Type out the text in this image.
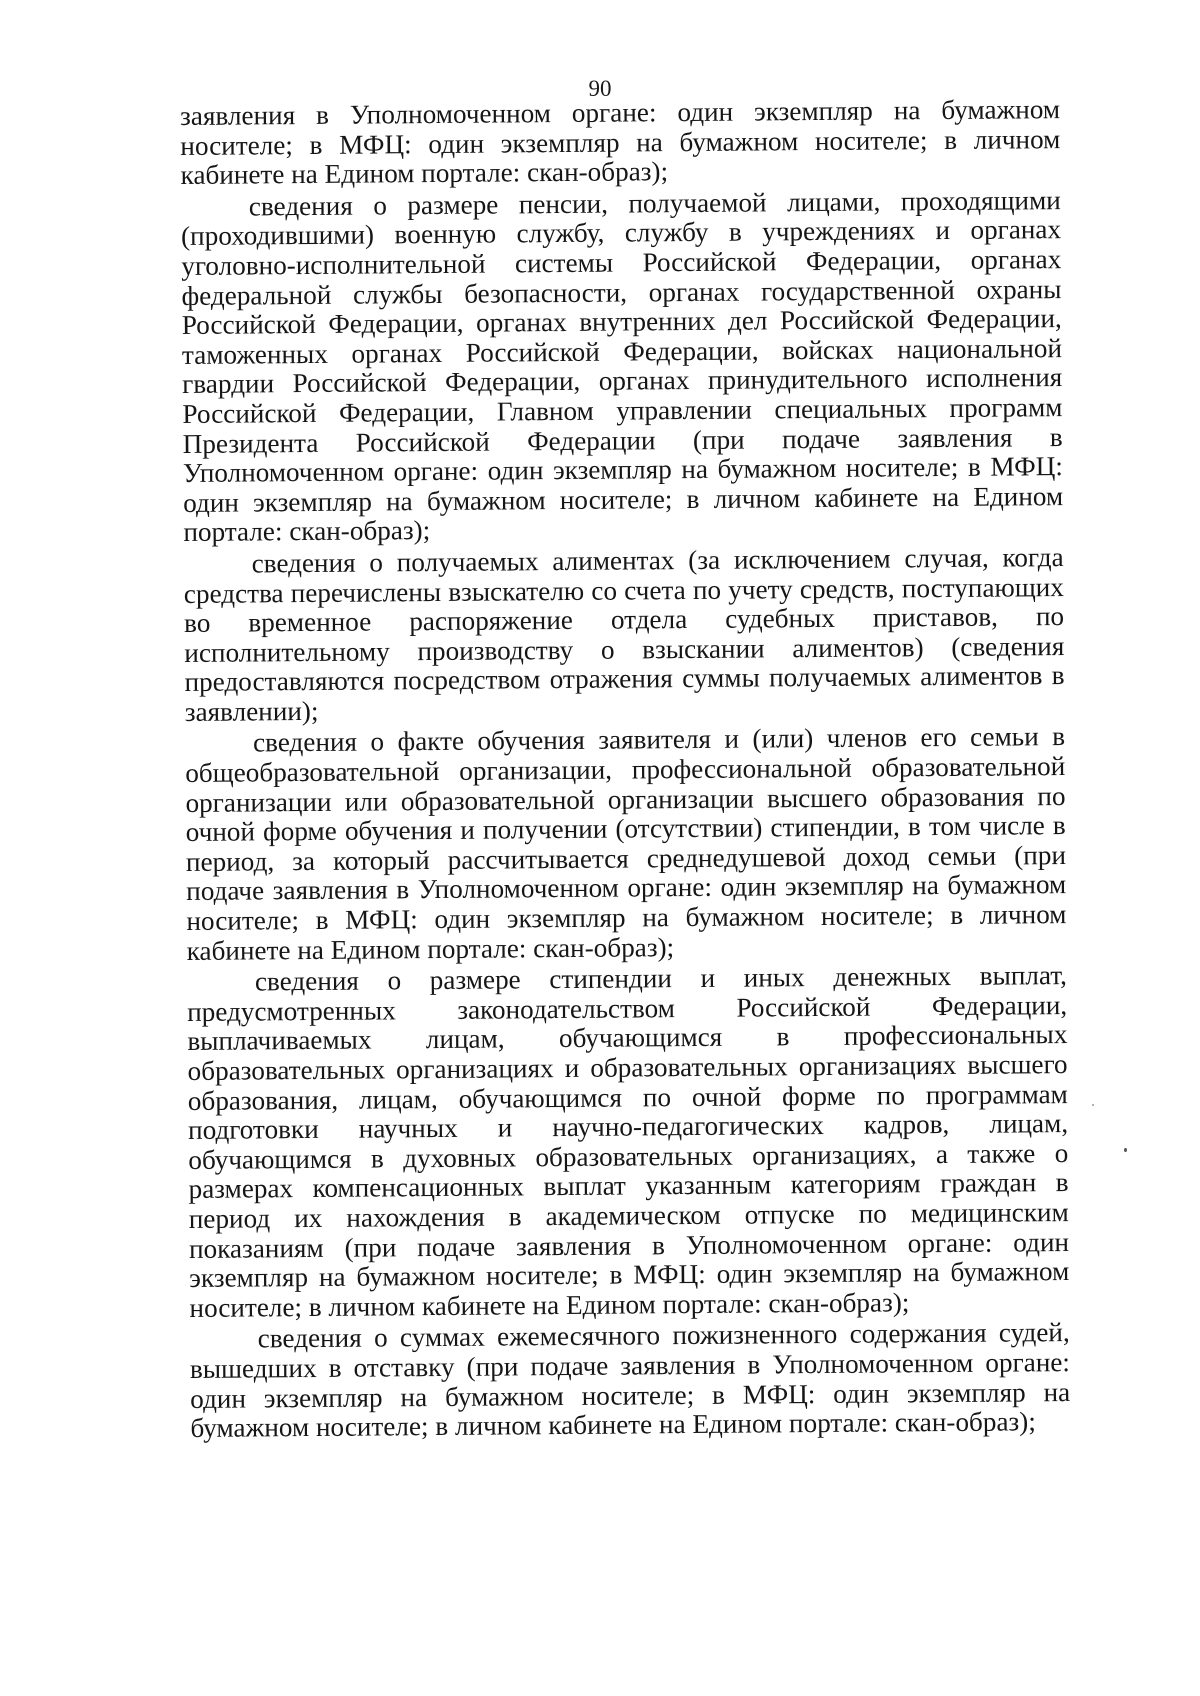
90

заявления в Уполномоченном органе: один экземпляр на бумажном носителе; в МФЦ: один экземпляр на бумажном носителе; в личном кабинете на Едином портале: скан-образ);

сведения о размере пенсии, получаемой лицами, проходящими (проходившими) военную службу, службу в учреждениях и органах уголовно-исполнительной системы Российской Федерации, органах федеральной службы безопасности, органах государственной охраны Российской Федерации, органах внутренних дел Российской Федерации, таможенных органах Российской Федерации, войсках национальной гвардии Российской Федерации, органах принудительного исполнения Российской Федерации, Главном управлении специальных программ Президента Российской Федерации (при подаче заявления в Уполномоченном органе: один экземпляр на бумажном носителе; в МФЦ: один экземпляр на бумажном носителе; в личном кабинете на Едином портале: скан-образ);

сведения о получаемых алиментах (за исключением случая, когда средства перечислены взыскателю со счета по учету средств, поступающих во временное распоряжение отдела судебных приставов, по исполнительному производству о взыскании алиментов) (сведения предоставляются посредством отражения суммы получаемых алиментов в заявлении);

сведения о факте обучения заявителя и (или) членов его семьи в общеобразовательной организации, профессиональной образовательной организации или образовательной организации высшего образования по очной форме обучения и получении (отсутствии) стипендии, в том числе в период, за который рассчитывается среднедушевой доход семьи (при подаче заявления в Уполномоченном органе: один экземпляр на бумажном носителе; в МФЦ: один экземпляр на бумажном носителе; в личном кабинете на Едином портале: скан-образ);

сведения о размере стипендии и иных денежных выплат, предусмотренных законодательством Российской Федерации, выплачиваемых лицам, обучающимся в профессиональных образовательных организациях и образовательных организациях высшего образования, лицам, обучающимся по очной форме по программам подготовки научных и научно-педагогических кадров, лицам, обучающимся в духовных образовательных организациях, а также о размерах компенсационных выплат указанным категориям граждан в период их нахождения в академическом отпуске по медицинским показаниям (при подаче заявления в Уполномоченном органе: один экземпляр на бумажном носителе; в МФЦ: один экземпляр на бумажном носителе; в личном кабинете на Едином портале: скан-образ);

сведения о суммах ежемесячного пожизненного содержания судей, вышедших в отставку (при подаче заявления в Уполномоченном органе: один экземпляр на бумажном носителе; в МФЦ: один экземпляр на бумажном носителе; в личном кабинете на Едином портале: скан-образ);
